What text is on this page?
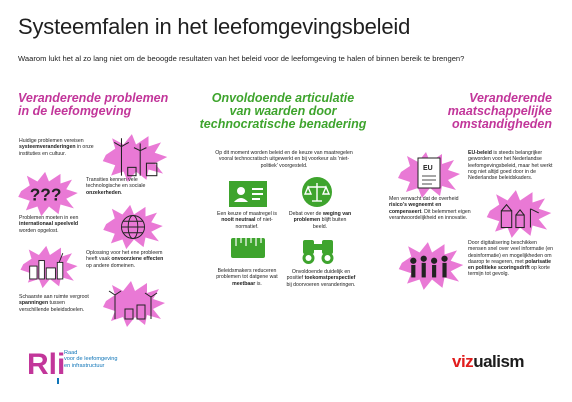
Systeemfalen in het leefomgevingsbeleid
Waarom lukt het al zo lang niet om de beoogde resultaten van het beleid voor de leefomgeving te halen of binnen bereik te brengen?
Veranderende problemen
in de leefomgeving
Huidige problemen vereisen systeemveranderingen in onze instituties en cultuur.
???
Transities kennen vele technologische en sociale onzekerheden.
Problemen moeten in een internationaal speelveld worden opgelost.
Oplossing voor het ene probleem heeft vaak onvoorziene effecten op andere domeinen.
Schaarste aan ruimte vergroot spanningen tussen verschillende beleidsdoelen.
Onvoldoende articulatie
van waarden door
technocratische benadering
Op dit moment worden beleid en de keuze van maatregelen vooral technocratisch uitgewerkt en bij voorkeur als 'niet-politiek' voorgesteld.
Een keuze of maatregel is nooit neutraal of niet-normatief.
Debat over de weging van problemen blijft buiten beeld.
Beleidsmakers reduceren problemen tot datgene wat meetbaar is.
Onvoldoende duidelijk en positief toekomstperspectief bij doorvoeren veranderingen.
Veranderende
maatschappelijke
omstandigheden
EU
EU-beleid is steeds belangrijker geworden voor het Nederlandse leefomgevingsbeleid, maar het werkt nog niet altijd goed door in de Nederlandse beleidskaders.
Men verwacht dat de overheid risico's wegneemt en compenseert. Dit belemmert eigen verantwoordelijkheid en innovatie.
Door digitalisering beschikken mensen snel over veel informatie (en desinformatie) en mogelijkheden om daarop te reageren, met polarisatie en politieke scoringsdrift op korte termijn tot gevolg.
Rli
Raad
voor de leefomgeving
en infrastructuur	vizualism
